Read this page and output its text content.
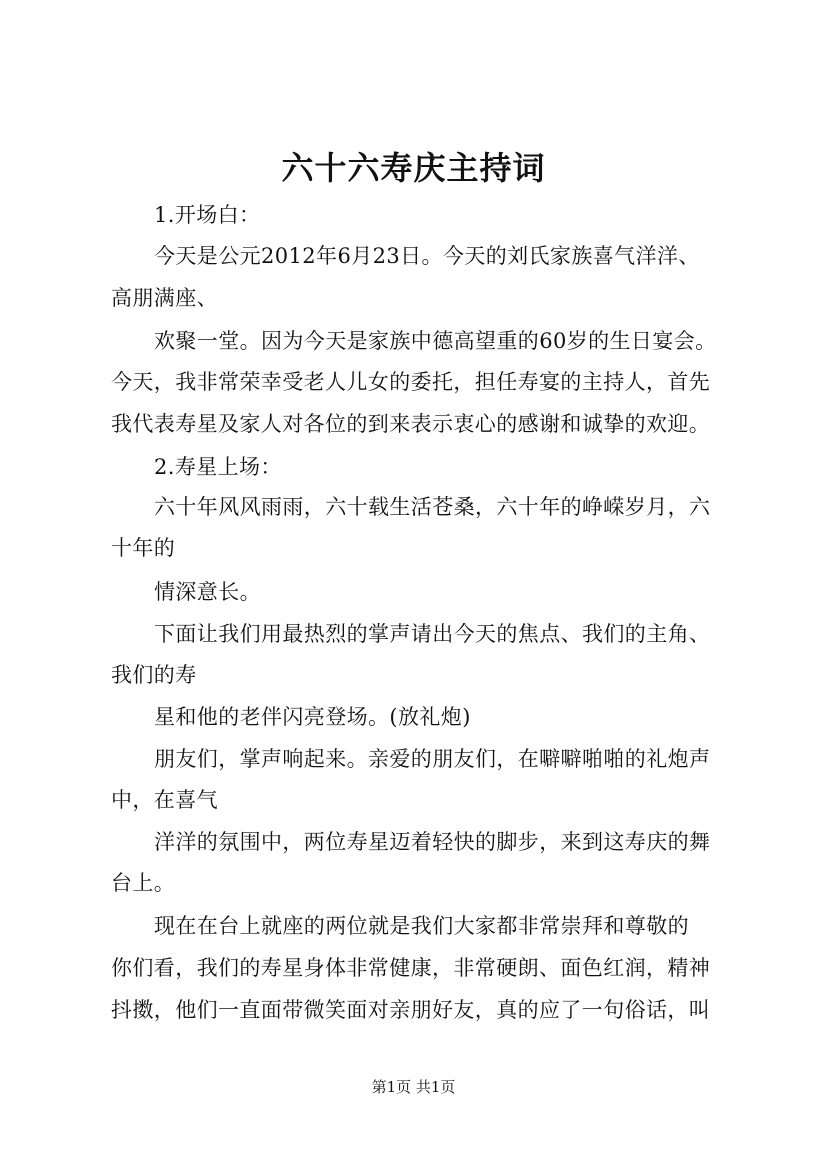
六十六寿庆主持词
1.开场白：
今天是公元2012年6月23日。今天的刘氏家族喜气洋洋、
高朋满座、
欢聚一堂。因为今天是家族中德高望重的60岁的生日宴会。
今天，我非常荣幸受老人儿女的委托，担任寿宴的主持人，首先
我代表寿星及家人对各位的到来表示衷心的感谢和诚挚的欢迎。
2.寿星上场：
六十年风风雨雨，六十载生活苍桑，六十年的峥嵘岁月，六
十年的
情深意长。
下面让我们用最热烈的掌声请出今天的焦点、我们的主角、
我们的寿
星和他的老伴闪亮登场。(放礼炮)
朋友们，掌声响起来。亲爱的朋友们，在噼噼啪啪的礼炮声
中，在喜气
洋洋的氛围中，两位寿星迈着轻快的脚步，来到这寿庆的舞
台上。
现在在台上就座的两位就是我们大家都非常崇拜和尊敬的
你们看，我们的寿星身体非常健康，非常硬朗、面色红润，精神
抖擞，他们一直面带微笑面对亲朋好友，真的应了一句俗话，叫
第1页 共1页
